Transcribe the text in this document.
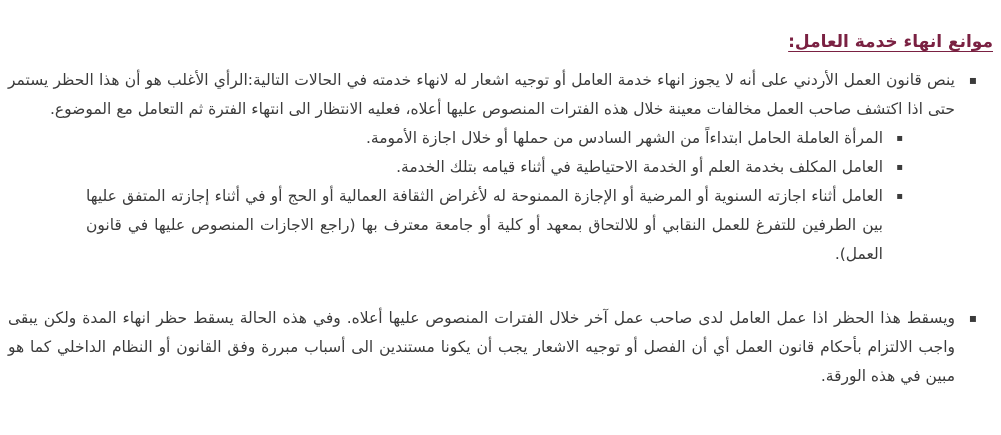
موانع انهاء خدمة العامل:
▪ ينص قانون العمل الأردني على أنه لا يجوز انهاء خدمة العامل أو توجيه اشعار له لانهاء خدمته في الحالات التالية:الرأي الأغلب هو أن هذا الحظر يستمر حتى اذا اكتشف صاحب العمل مخالفات معينة خلال هذه الفترات المنصوص عليها أعلاه، فعليه الانتظار الى انتهاء الفترة ثم التعامل مع الموضوع.
▪ المرأة العاملة الحامل ابتداءاً من الشهر السادس من حملها أو خلال اجازة الأمومة.
▪ العامل المكلف بخدمة العلم أو الخدمة الاحتياطية في أثناء قيامه بتلك الخدمة.
▪ العامل أثناء اجازته السنوية أو المرضية أو الإجازة الممنوحة له لأغراض الثقافة العمالية أو الحج أو في أثناء إجازته المتفق عليها بين الطرفين للتفرغ للعمل النقابي أو للالتحاق بمعهد أو كلية أو جامعة معترف بها (راجع الاجازات المنصوص عليها في قانون العمل).
▪ ويسقط هذا الحظر اذا عمل العامل لدى صاحب عمل آخر خلال الفترات المنصوص عليها أعلاه. وفي هذه الحالة يسقط حظر انهاء المدة ولكن يبقى واجب الالتزام بأحكام قانون العمل أي أن الفصل أو توجيه الاشعار يجب أن يكونا مستندين الى أسباب مبررة وفق القانون أو النظام الداخلي كما هو مبين في هذه الورقة.
